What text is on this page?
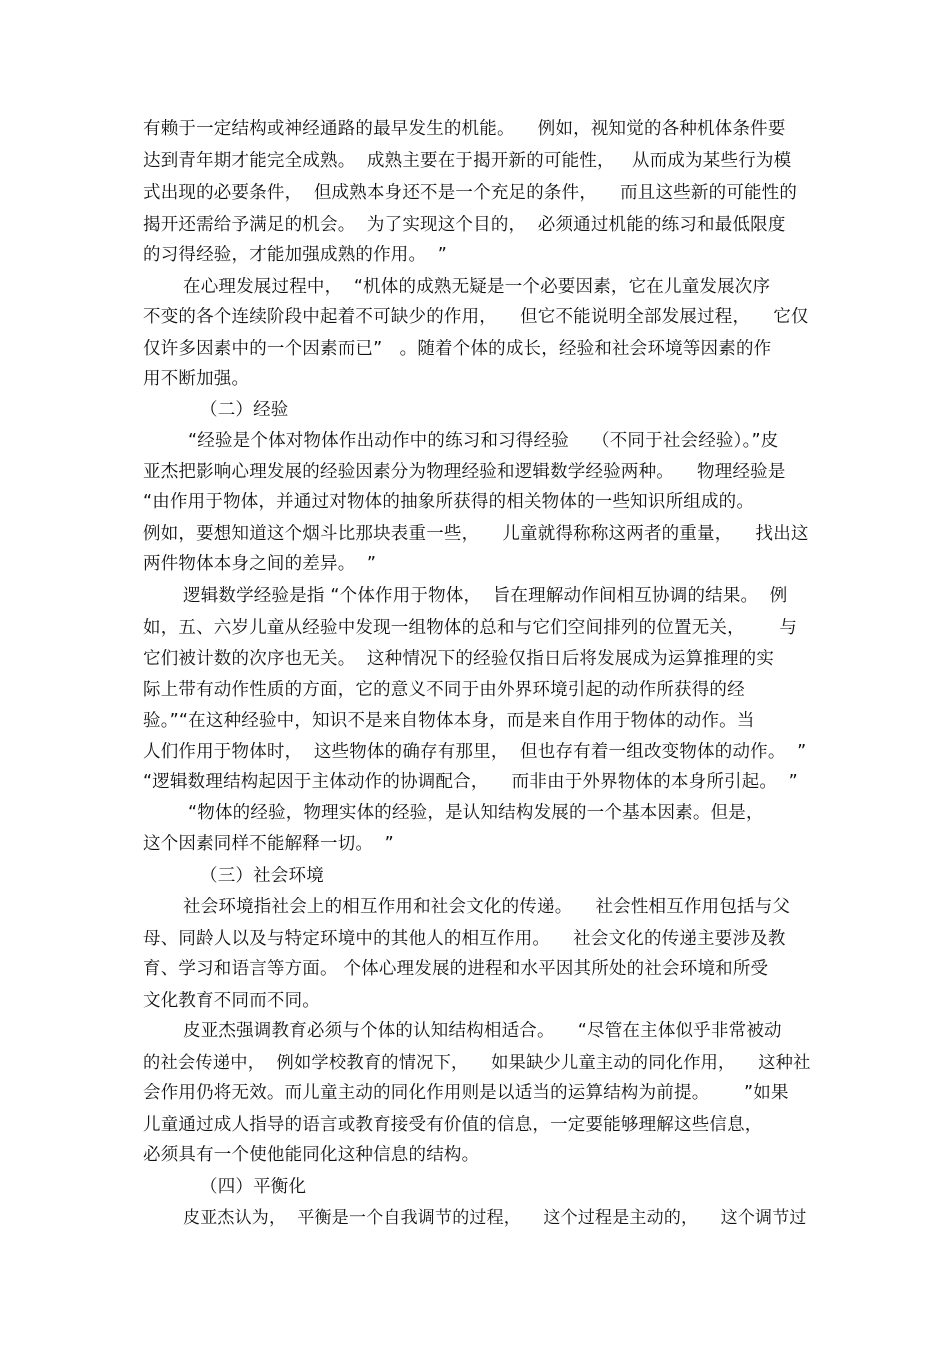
有赖于一定结构或神经通路的最早发生的机能。    例如，视知觉的各种机体条件要
达到青年期才能完全成熟。  成熟主要在于揭开新的可能性，   从而成为某些行为模
式出现的必要条件，  但成熟本身还不是一个充足的条件，    而且这些新的可能性的
揭开还需给予满足的机会。  为了实现这个目的，  必须通过机能的练习和最低限度
的习得经验，才能加强成熟的作用。  ”
在心理发展过程中，  “机体的成熟无疑是一个必要因素，它在儿童发展次序
不变的各个连续阶段中起着不可缺少的作用，    但它不能说明全部发展过程，    它仅
仅许多因素中的一个因素而已”   。随着个体的成长，经验和社会环境等因素的作
用不断加强。
（二）经验
“经验是个体对物体作出动作中的练习和习得经验    （不同于社会经验）。”皮
亚杰把影响心理发展的经验因素分为物理经验和逻辑数学经验两种。    物理经验是
“由作用于物体，并通过对物体的抽象所获得的相关物体的一些知识所组成的。
例如，要想知道这个烟斗比那块表重一些，    儿童就得称称这两者的重量，    找出这
两件物体本身之间的差异。  ”
逻辑数学经验是指 “个体作用于物体，  旨在理解动作间相互协调的结果。  例
如，五、六岁儿童从经验中发现一组物体的总和与它们空间排列的位置无关，      与
它们被计数的次序也无关。  这种情况下的经验仅指日后将发展成为运算推理的实
际上带有动作性质的方面，它的意义不同于由外界环境引起的动作所获得的经
验。”“在这种经验中，知识不是来自物体本身，而是来自作用于物体的动作。当
人们作用于物体时，  这些物体的确存有那里，  但也存有着一组改变物体的动作。  ”
“逻辑数理结构起因于主体动作的协调配合，    而非由于外界物体的本身所引起。  ”
“物体的经验，物理实体的经验，是认知结构发展的一个基本因素。但是，
这个因素同样不能解释一切。  ”
（三）社会环境
社会环境指社会上的相互作用和社会文化的传递。    社会性相互作用包括与父
母、同龄人以及与特定环境中的其他人的相互作用。    社会文化的传递主要涉及教
育、学习和语言等方面。 个体心理发展的进程和水平因其所处的社会环境和所受
文化教育不同而不同。
皮亚杰强调教育必须与个体的认知结构相适合。    “尽管在主体似乎非常被动
的社会传递中，  例如学校教育的情况下，    如果缺少儿童主动的同化作用，    这种社
会作用仍将无效。而儿童主动的同化作用则是以适当的运算结构为前提。      ”如果
儿童通过成人指导的语言或教育接受有价值的信息，一定要能够理解这些信息，
必须具有一个使他能同化这种信息的结构。
（四）平衡化
皮亚杰认为，  平衡是一个自我调节的过程，    这个过程是主动的，    这个调节过
